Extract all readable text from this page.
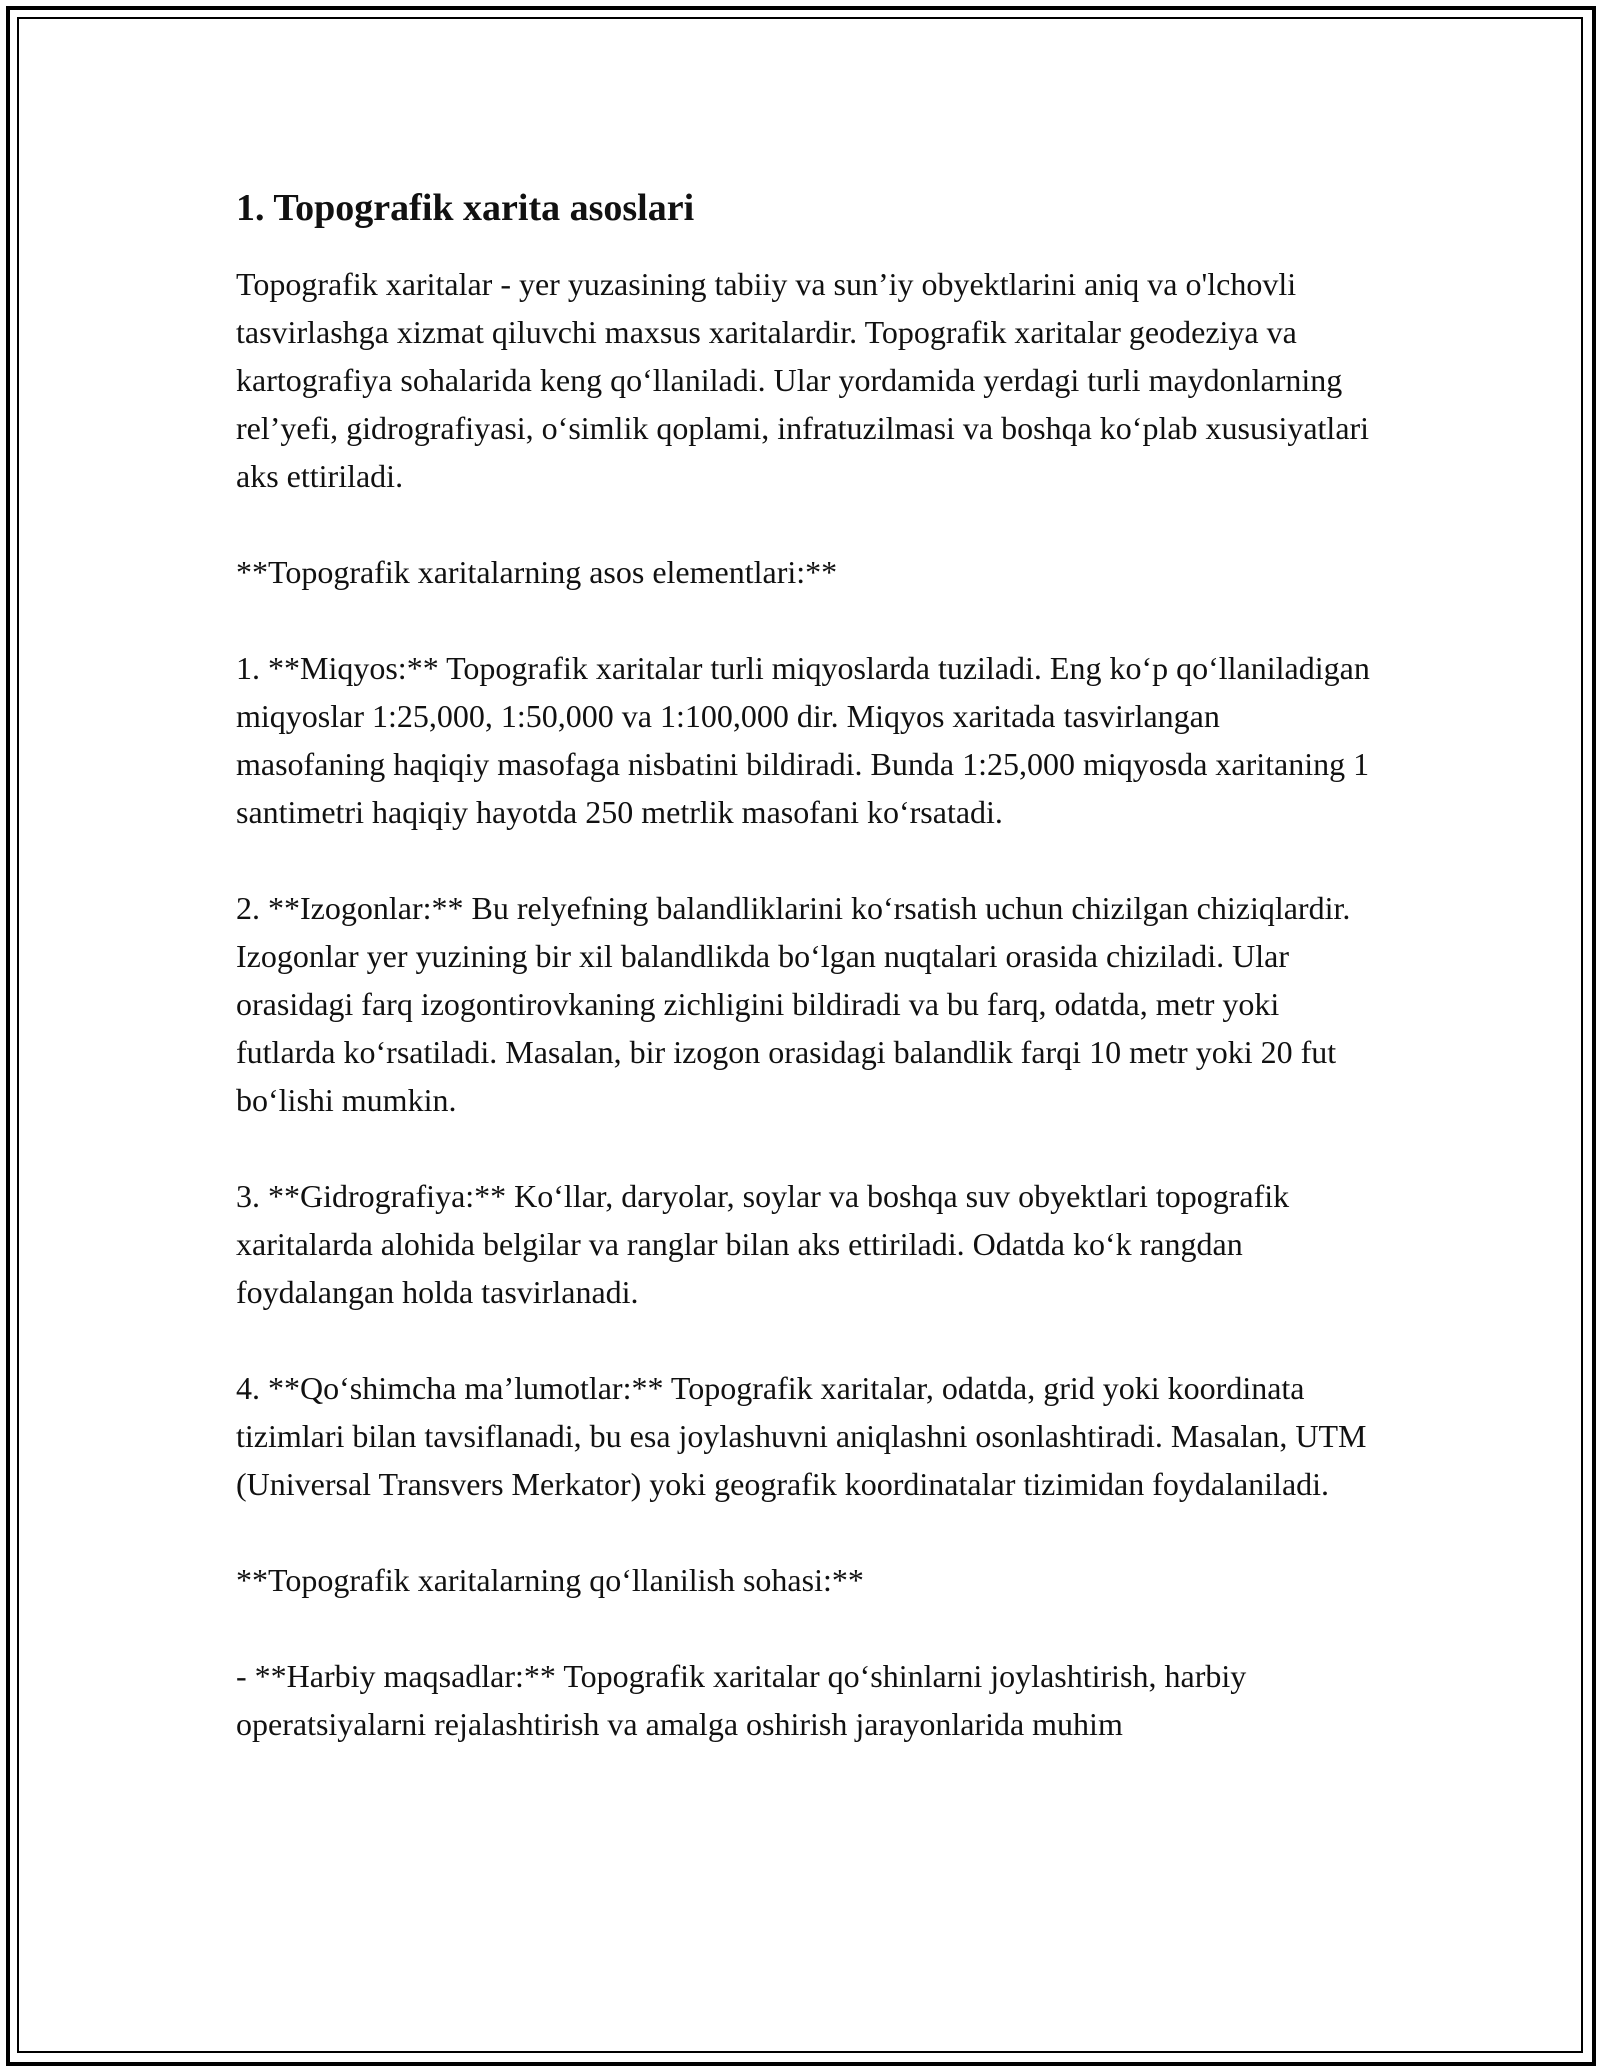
1. Topografik xarita asoslari

Topografik xaritalar - yer yuzasining tabiiy va sun’iy obyektlarini aniq va o'lchovli tasvirlashga xizmat qiluvchi maxsus xaritalardir. Topografik xaritalar geodeziya va kartografiya sohalarida keng qo‘llaniladi. Ular yordamida yerdagi turli maydonlarning rel’yefi, gidrografiyasi, o‘simlik qoplami, infratuzilmasi va boshqa ko‘plab xususiyatlari aks ettiriladi.

**Topografik xaritalarning asos elementlari:**

1. **Miqyos:** Topografik xaritalar turli miqyoslarda tuziladi. Eng ko‘p qo‘llaniladigan miqyoslar 1:25,000, 1:50,000 va 1:100,000 dir. Miqyos xaritada tasvirlangan masofaning haqiqiy masofaga nisbatini bildiradi. Bunda 1:25,000 miqyosda xaritaning 1 santimetri haqiqiy hayotda 250 metrlik masofani ko‘rsatadi.

2. **Izogonlar:** Bu relyefning balandliklarini ko‘rsatish uchun chizilgan chiziqlardir. Izogonlar yer yuzining bir xil balandlikda bo‘lgan nuqtalari orasida chiziladi. Ular orasidagi farq izogontirovkaning zichligini bildiradi va bu farq, odatda, metr yoki futlarda ko‘rsatiladi. Masalan, bir izogon orasidagi balandlik farqi 10 metr yoki 20 fut bo‘lishi mumkin.

3. **Gidrografiya:** Ko‘llar, daryolar, soylar va boshqa suv obyektlari topografik xaritalarda alohida belgilar va ranglar bilan aks ettiriladi. Odatda ko‘k rangdan foydalangan holda tasvirlanadi.

4. **Qo‘shimcha ma’lumotlar:** Topografik xaritalar, odatda, grid yoki koordinata tizimlari bilan tavsiflanadi, bu esa joylashuvni aniqlashni osonlashtiradi. Masalan, UTM (Universal Transvers Merkator) yoki geografik koordinatalar tizimidan foydalaniladi.

**Topografik xaritalarning qo‘llanilish sohasi:**

- **Harbiy maqsadlar:** Topografik xaritalar qo‘shinlarni joylashtirish, harbiy operatsiyalarni rejalashtirish va amalga oshirish jarayonlarida muhim
